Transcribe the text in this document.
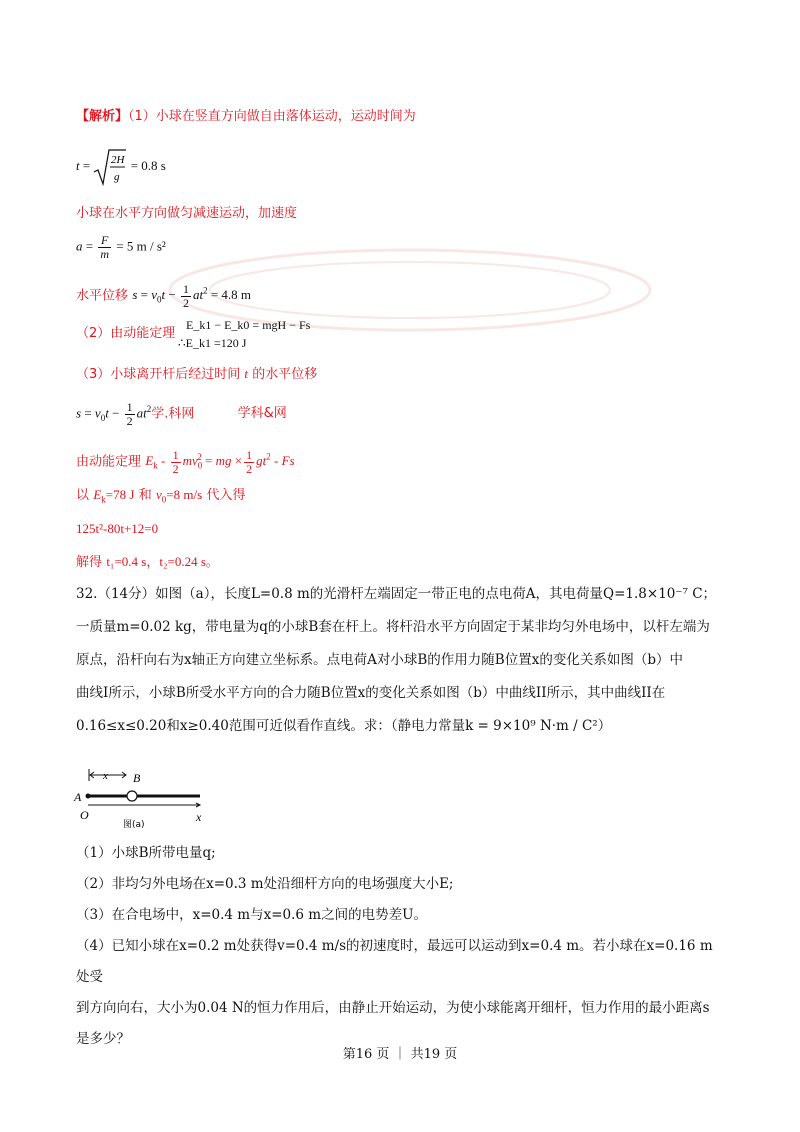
【解析】（1）小球在竖直方向做自由落体运动，运动时间为
t = 2H
g
= 0.8 s
小球在水平方向做匀减速运动，加速度
$a = \frac{F}{m} = 5$ m / s²
水平位移 $s = v_0t - \frac{1}{2} at^2 = 4.8$ m
（2）由动能定理
E_k1 − E_k0 = mgH − Fs
∴E_k1 =120 J
（3）小球离开杆后经过时间 t 的水平位移
$s = v_0t - \frac{1}{2} at^2$学.科网	学科&网
由动能定理 $E_k - \frac{1}{2} mv_0^2$ = mg × $\frac{1}{2} gt^2$ - Fs
以 $E_k=78$ J 和 $v_0=8$ m/s 代入得
125t²-80t+12=0
解得 t₁=0.4 s，t₂=0.24 s。
32.（14分）如图（a），长度L=0.8 m的光滑杆左端固定一带正电的点电荷A，其电荷量Q=1.8×10⁻⁷ C；
一质量m=0.02 kg，带电量为q的小球B套在杆上。将杆沿水平方向固定于某非均匀外电场中，以杆左端为
原点，沿杆向右为x轴正方向建立坐标系。点电荷A对小球B的作用力随B位置x的变化关系如图（b）中
曲线I所示，小球B所受水平方向的合力随B位置x的变化关系如图（b）中曲线II所示，其中曲线II在
0.16≤x≤0.20和x≥0.40范围可近似看作直线。求：（静电力常量k = 9×10⁹ N·m / C²）
x B
A
O
图(a)
x
（1）小球B所带电量q;
（2）非均匀外电场在x=0.3 m处沿细杆方向的电场强度大小E;
（3）在合电场中，x=0.4 m与x=0.6 m之间的电势差U。
（4）已知小球在x=0.2 m处获得v=0.4 m/s的初速度时，最远可以运动到x=0.4 m。若小球在x=0.16 m处受
到方向向右，大小为0.04 N的恒力作用后，由静止开始运动，为使小球能离开细杆，恒力作用的最小距离s
是多少？
第16 页 ｜ 共19 页
